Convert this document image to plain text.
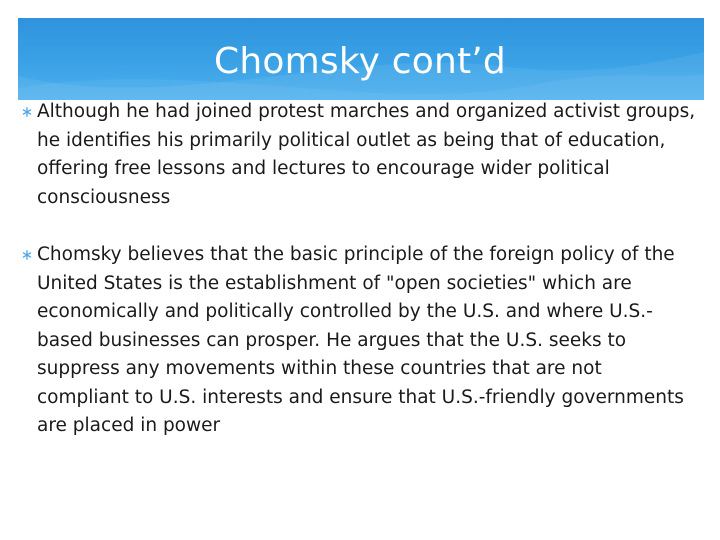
Chomsky cont’d
Although he had joined protest marches and organized activist groups, he identifies his primarily political outlet as being that of education, offering free lessons and lectures to encourage wider political consciousness
Chomsky believes that the basic principle of the foreign policy of the United States is the establishment of "open societies" which are economically and politically controlled by the U.S. and where U.S.-based businesses can prosper. He argues that the U.S. seeks to suppress any movements within these countries that are not compliant to U.S. interests and ensure that U.S.-friendly governments are placed in power
